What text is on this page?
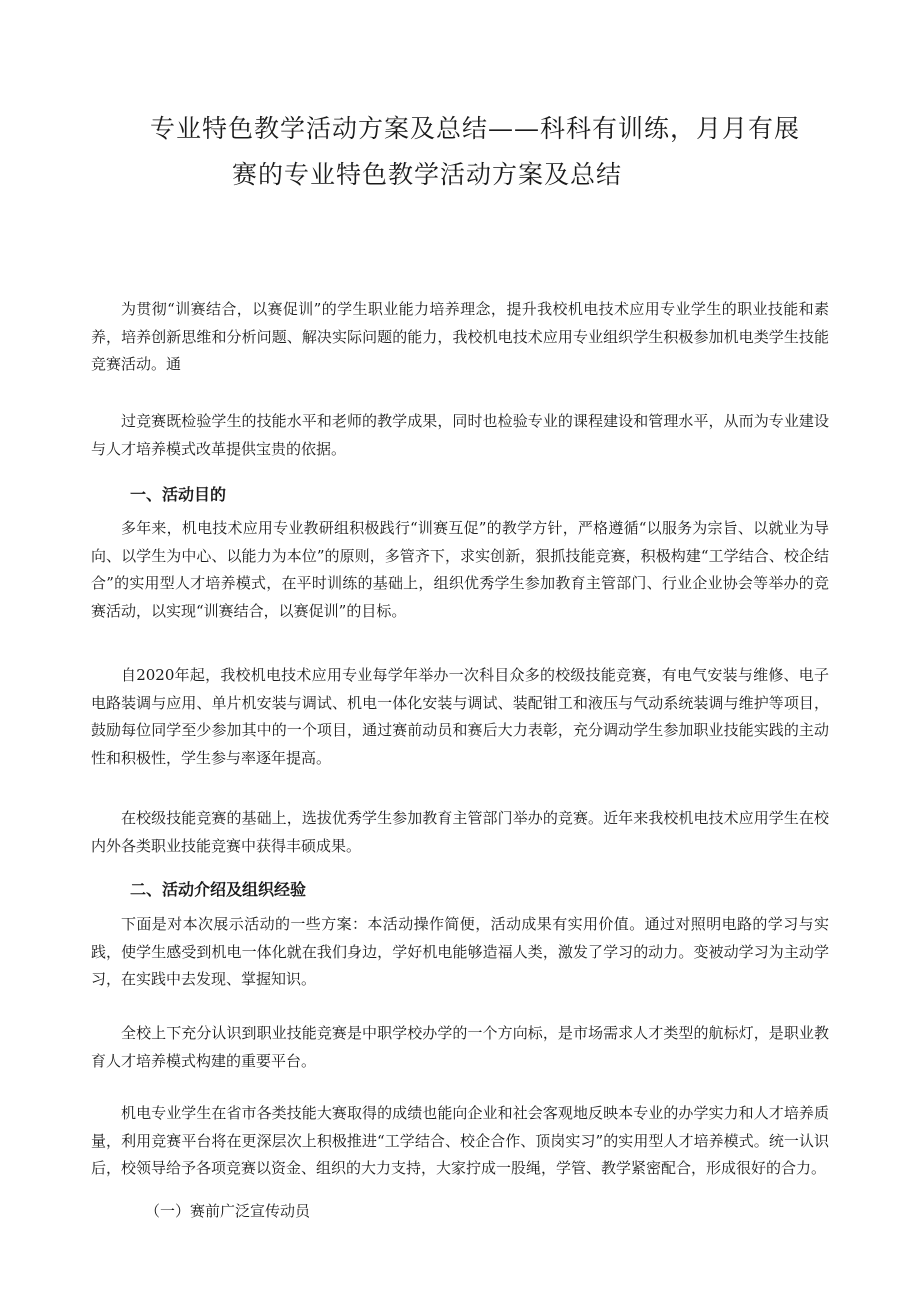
专业特色教学活动方案及总结——科科有训练，月月有展
赛的专业特色教学活动方案及总结
为贯彻“训赛结合，以赛促训”的学生职业能力培养理念，提升我校机电技术应用专业学生的职业技能和素养，培养创新思维和分析问题、解决实际问题的能力，我校机电技术应用专业组织学生积极参加机电类学生技能竞赛活动。通
过竞赛既检验学生的技能水平和老师的教学成果，同时也检验专业的课程建设和管理水平，从而为专业建设与人才培养模式改革提供宝贵的依据。
一、活动目的
多年来，机电技术应用专业教研组积极践行“训赛互促”的教学方针，严格遵循“以服务为宗旨、以就业为导向、以学生为中心、以能力为本位”的原则，多管齐下，求实创新，狠抓技能竞赛，积极构建“工学结合、校企结合”的实用型人才培养模式，在平时训练的基础上，组织优秀学生参加教育主管部门、行业企业协会等举办的竞赛活动，以实现“训赛结合，以赛促训”的目标。
自2020年起，我校机电技术应用专业每学年举办一次科目众多的校级技能竞赛，有电气安装与维修、电子电路装调与应用、单片机安装与调试、机电一体化安装与调试、装配钳工和液压与气动系统装调与维护等项目，鼓励每位同学至少参加其中的一个项目，通过赛前动员和赛后大力表彰，充分调动学生参加职业技能实践的主动性和积极性，学生参与率逐年提高。
在校级技能竞赛的基础上，选拔优秀学生参加教育主管部门举办的竞赛。近年来我校机电技术应用学生在校内外各类职业技能竞赛中获得丰硕成果。
二、活动介绍及组织经验
下面是对本次展示活动的一些方案：本活动操作简便，活动成果有实用价值。通过对照明电路的学习与实践，使学生感受到机电一体化就在我们身边，学好机电能够造福人类，激发了学习的动力。变被动学习为主动学习，在实践中去发现、掌握知识。
全校上下充分认识到职业技能竞赛是中职学校办学的一个方向标，是市场需求人才类型的航标灯，是职业教育人才培养模式构建的重要平台。
机电专业学生在省市各类技能大赛取得的成绩也能向企业和社会客观地反映本专业的办学实力和人才培养质量，利用竞赛平台将在更深层次上积极推进“工学结合、校企合作、顶岗实习”的实用型人才培养模式。统一认识后，校领导给予各项竞赛以资金、组织的大力支持，大家拧成一股绳，学管、教学紧密配合，形成很好的合力。
（一）赛前广泛宣传动员
